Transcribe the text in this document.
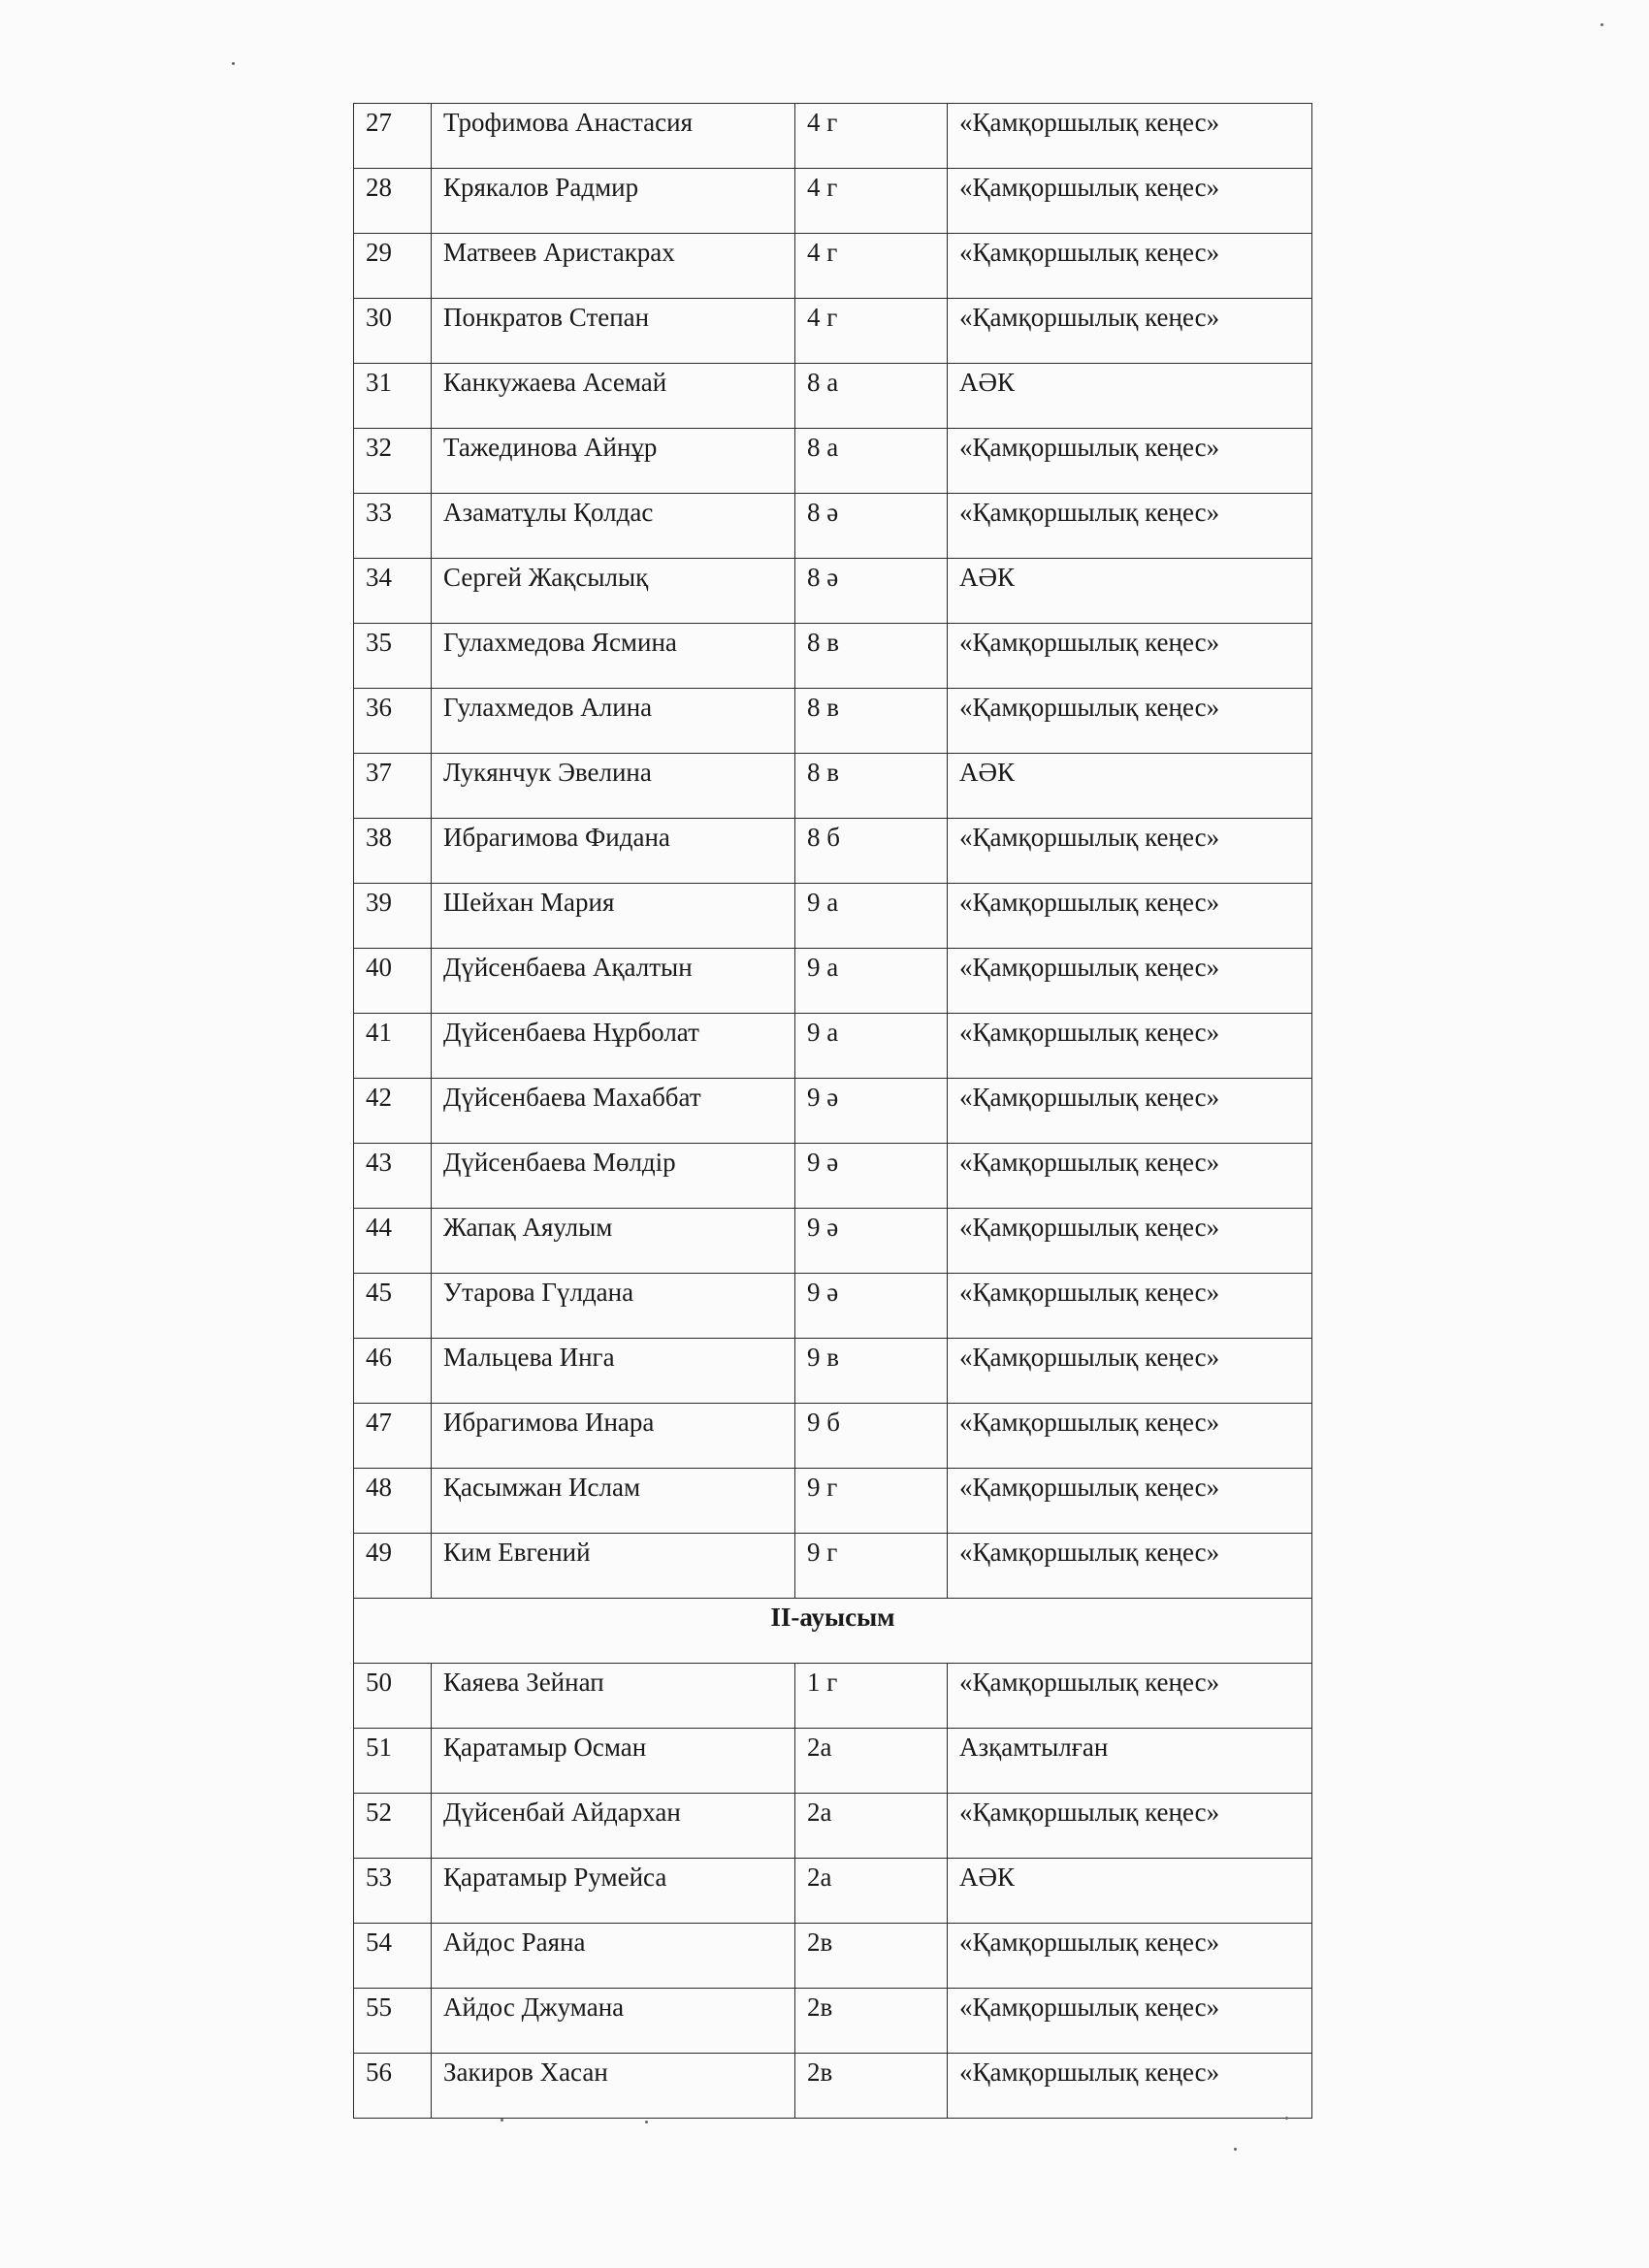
27	Трофимова Анастасия	4 г	«Қамқоршылық кеңес»
28	Крякалов Радмир	4 г	«Қамқоршылық кеңес»
29	Матвеев Аристакрах	4 г	«Қамқоршылық кеңес»
30	Понкратов Степан	4 г	«Қамқоршылық кеңес»
31	Канкужаева Асемай	8 а	АӘК
32	Тажединова Айнұр	8 а	«Қамқоршылық кеңес»
33	Азаматұлы Қолдас	8 ә	«Қамқоршылық кеңес»
34	Сергей Жақсылық	8 ә	АӘК
35	Гулахмедова Ясмина	8 в	«Қамқоршылық кеңес»
36	Гулахмедов Алина	8 в	«Қамқоршылық кеңес»
37	Лукянчук Эвелина	8 в	АӘК
38	Ибрагимова Фидана	8 б	«Қамқоршылық кеңес»
39	Шейхан Мария	9 а	«Қамқоршылық кеңес»
40	Дүйсенбаева Ақалтын	9 а	«Қамқоршылық кеңес»
41	Дүйсенбаева Нұрболат	9 а	«Қамқоршылық кеңес»
42	Дүйсенбаева Махаббат	9 ә	«Қамқоршылық кеңес»
43	Дүйсенбаева Мөлдір	9 ә	«Қамқоршылық кеңес»
44	Жапақ Аяулым	9 ә	«Қамқоршылық кеңес»
45	Утарова Гүлдана	9 ә	«Қамқоршылық кеңес»
46	Мальцева Инга	9 в	«Қамқоршылық кеңес»
47	Ибрагимова Инара	9 б	«Қамқоршылық кеңес»
48	Қасымжан Ислам	9 г	«Қамқоршылық кеңес»
49	Ким Евгений	9 г	«Қамқоршылық кеңес»
ІІ-ауысым			
50	Каяева Зейнап	1 г	«Қамқоршылық кеңес»
51	Қаратамыр Осман	2а	Азқамтылған
52	Дүйсенбай Айдархан	2а	«Қамқоршылық кеңес»
53	Қаратамыр Румейса	2а	АӘК
54	Айдос Раяна	2в	«Қамқоршылық кеңес»
55	Айдос Джумана	2в	«Қамқоршылық кеңес»
56	Закиров Хасан	2в	«Қамқоршылық кеңес»
